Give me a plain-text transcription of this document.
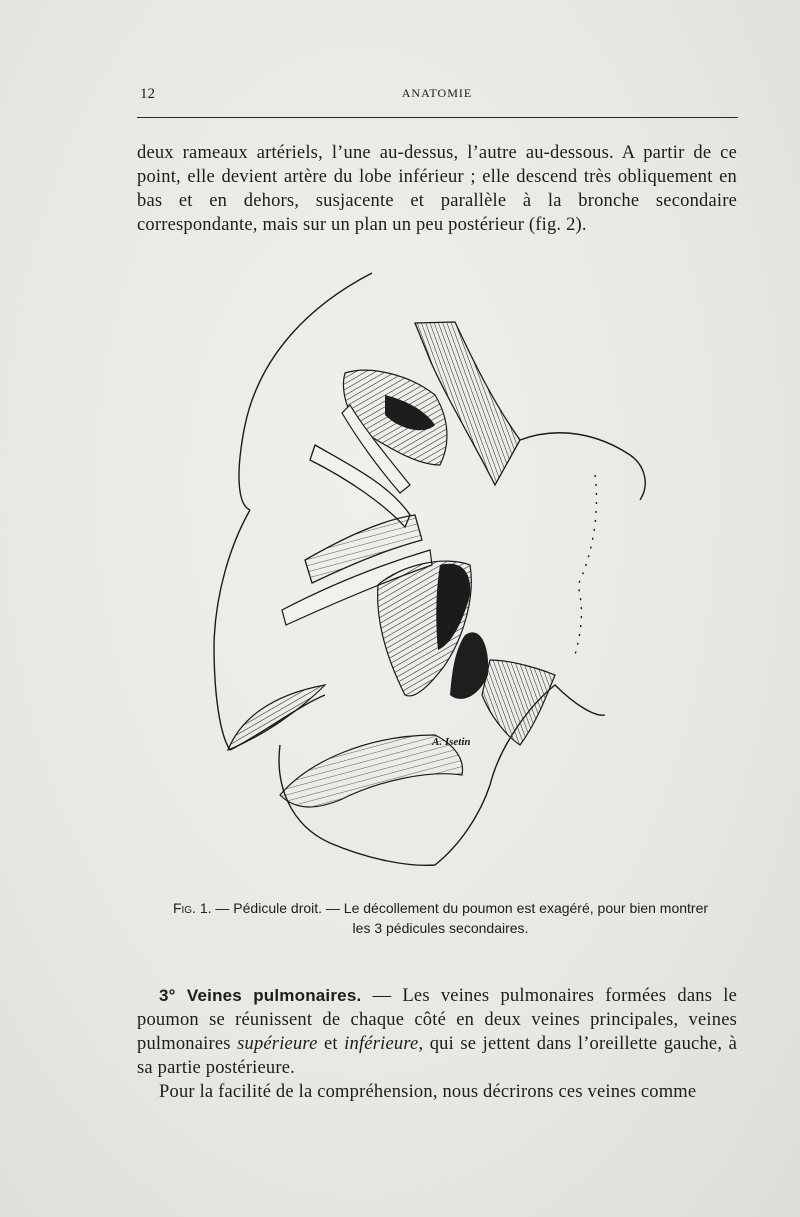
12	ANATOMIE

deux rameaux artériels, l’une au-dessus, l’autre au-dessous. A partir de ce point, elle devient artère du lobe inférieur ; elle descend très obliquement en bas et en dehors, susjacente et parallèle à la bronche secondaire correspondante, mais sur un plan un peu postérieur (fig. 2).

A. Isetin
Fig. 1. — Pédicule droit. — Le décollement du poumon est exagéré, pour bien montrer les 3 pédicules secondaires.

3° Veines pulmonaires. — Les veines pulmonaires formées dans le poumon se réunissent de chaque côté en deux veines principales, veines pulmonaires supérieure et inférieure, qui se jettent dans l’oreillette gauche, à sa partie postérieure.

Pour la facilité de la compréhension, nous décrirons ces veines comme
